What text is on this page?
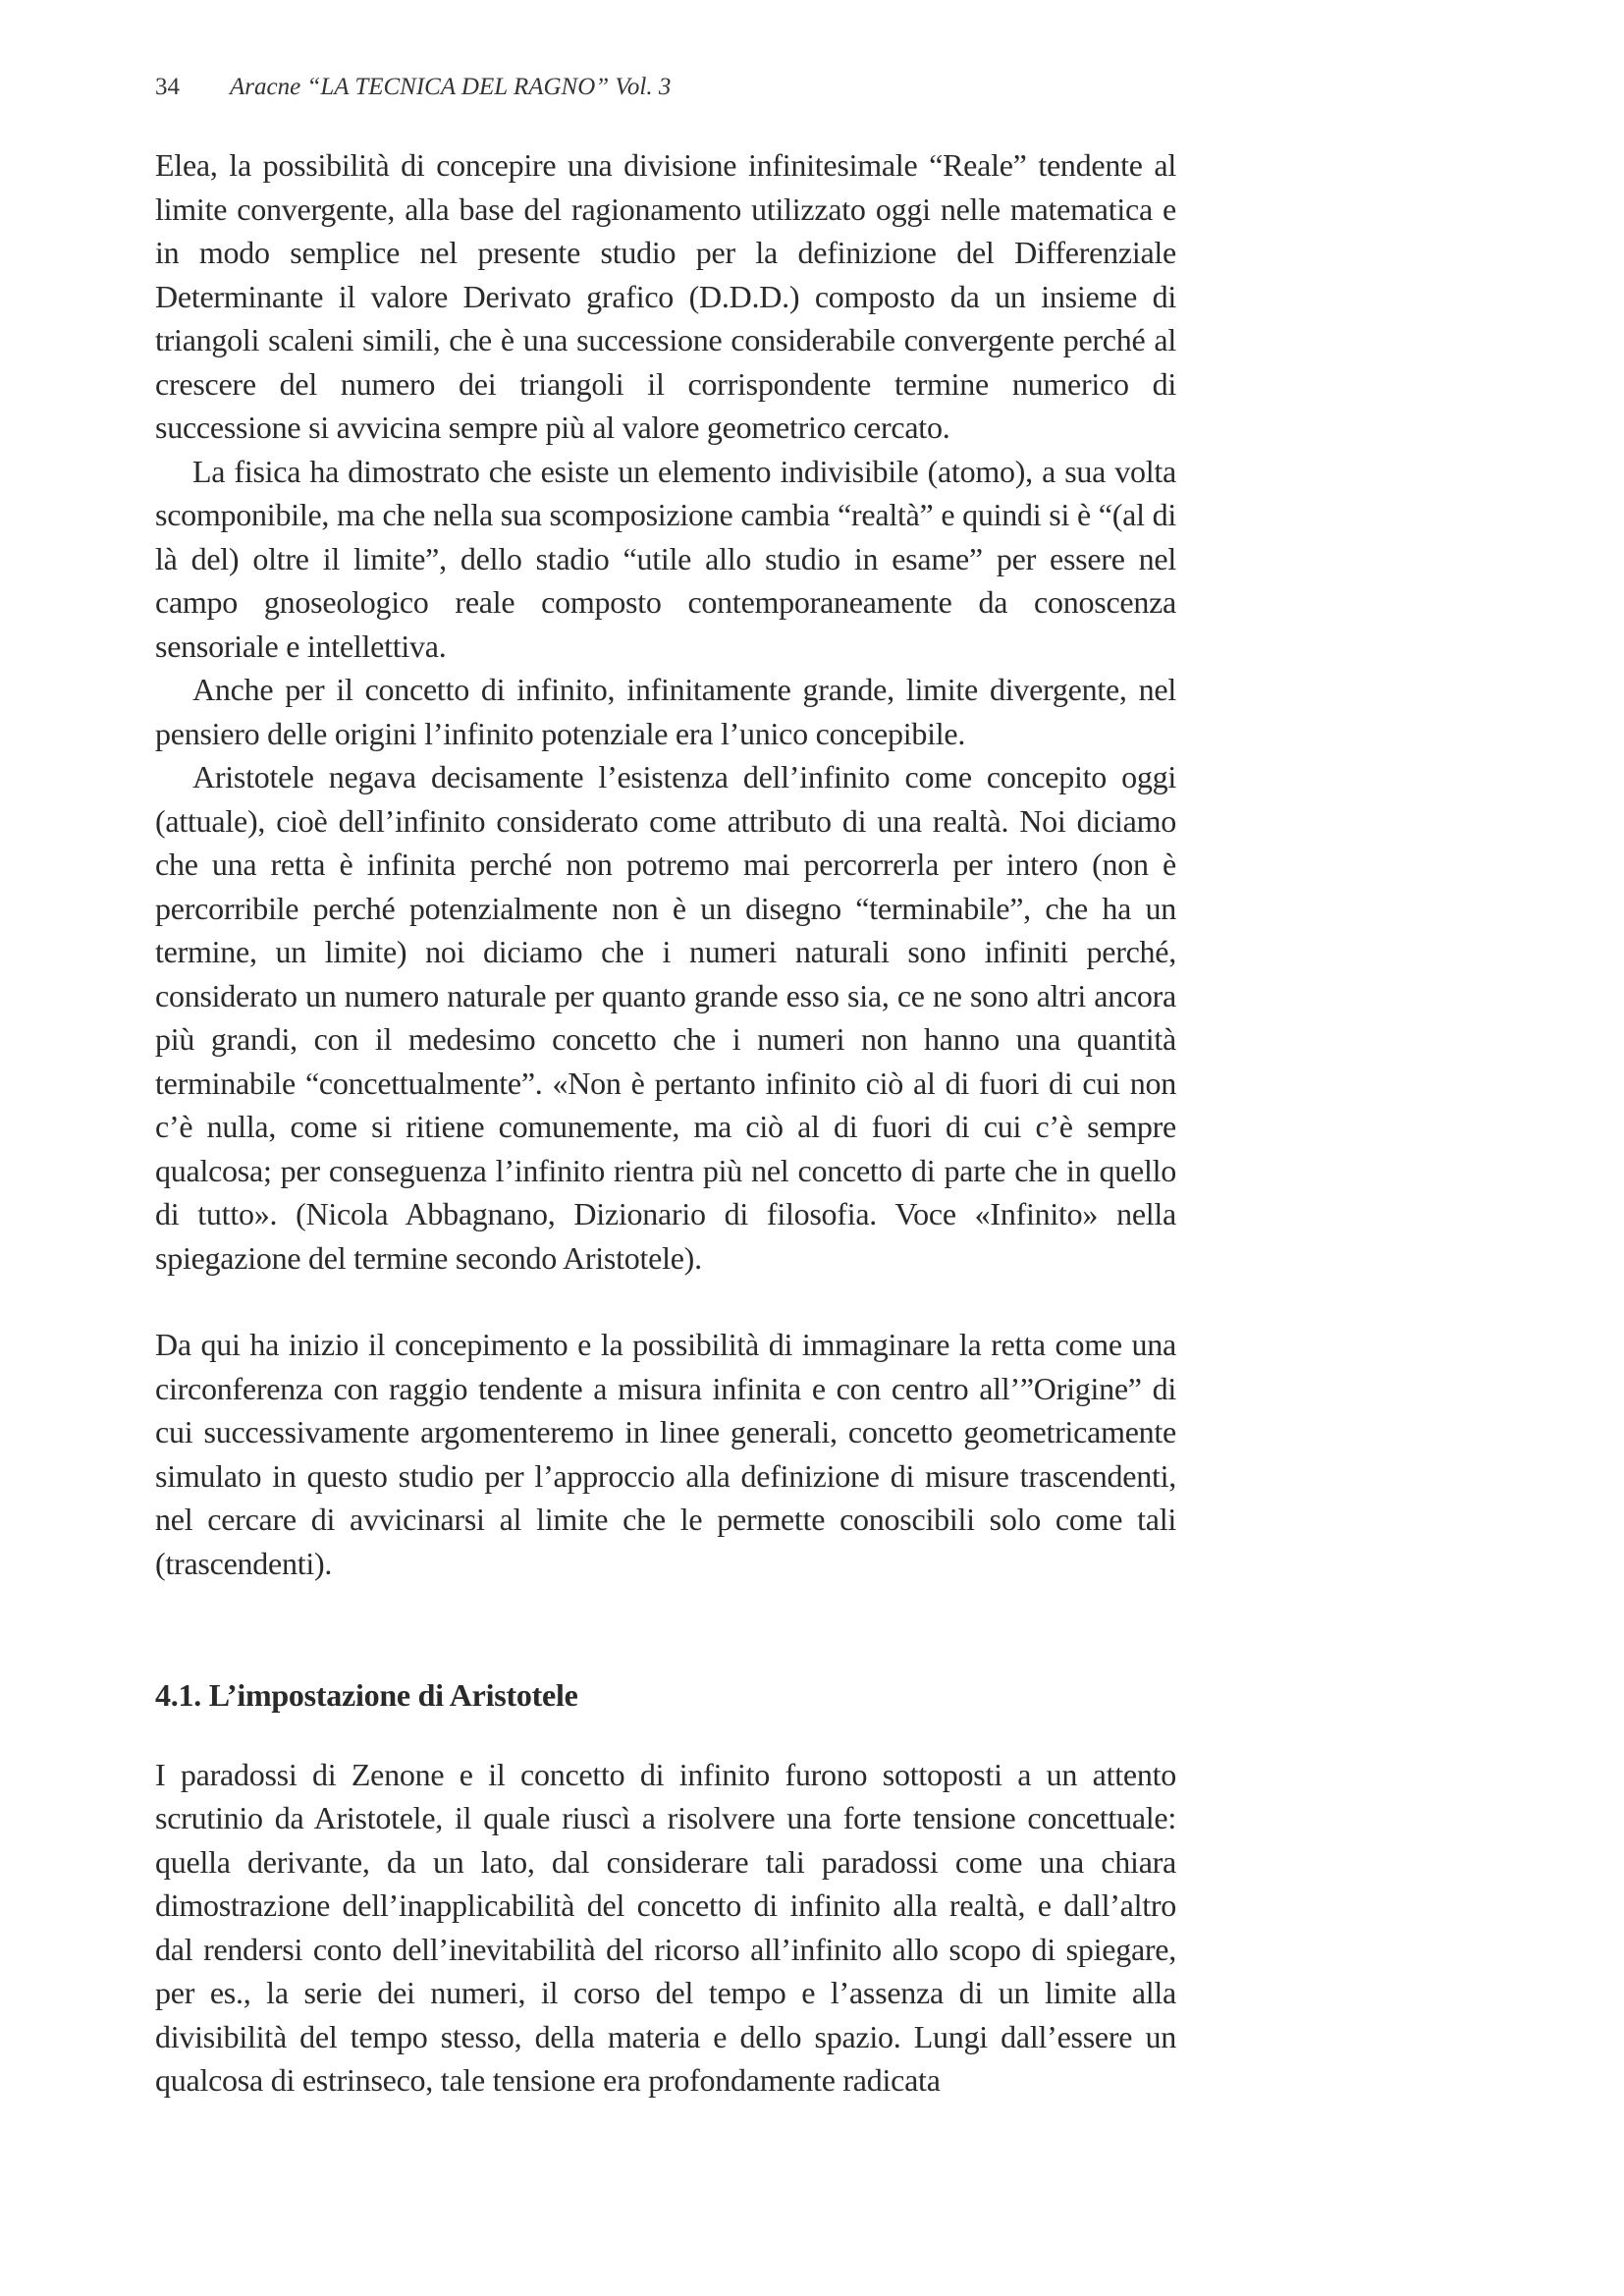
34 Aracne “LA TECNICA DEL RAGNO” Vol. 3

Elea, la possibilità di concepire una divisione infinitesimale “Reale” tendente al limite convergente, alla base del ragionamento utilizzato oggi nelle matematica e in modo semplice nel presente studio per la definizione del Differenziale Determinante il valore Derivato grafico (D.D.D.) composto da un insieme di triangoli scaleni simili, che è una successione considerabile convergente perché al crescere del numero dei triangoli il corrispondente termine numerico di successione si avvicina sempre più al valore geometrico cercato.

La fisica ha dimostrato che esiste un elemento indivisibile (atomo), a sua volta scomponibile, ma che nella sua scomposizione cambia “realtà” e quindi si è “(al di là del) oltre il limite”, dello stadio “utile allo studio in esame” per essere nel campo gnoseologico reale composto contemporaneamente da conoscenza sensoriale e intellettiva.

Anche per il concetto di infinito, infinitamente grande, limite divergente, nel pensiero delle origini l’infinito potenziale era l’unico concepibile.

Aristotele negava decisamente l’esistenza dell’infinito come concepito oggi (attuale), cioè dell’infinito considerato come attributo di una realtà. Noi diciamo che una retta è infinita perché non potremo mai percorrerla per intero (non è percorribile perché potenzialmente non è un disegno “terminabile”, che ha un termine, un limite) noi diciamo che i numeri naturali sono infiniti perché, considerato un numero naturale per quanto grande esso sia, ce ne sono altri ancora più grandi, con il medesimo concetto che i numeri non hanno una quantità terminabile “concettualmente”. «Non è pertanto infinito ciò al di fuori di cui non c’è nulla, come si ritiene comunemente, ma ciò al di fuori di cui c’è sempre qualcosa; per conseguenza l’infinito rientra più nel concetto di parte che in quello di tutto». (Nicola Abbagnano, Dizionario di filosofia. Voce «Infinito» nella spiegazione del termine secondo Aristotele).

Da qui ha inizio il concepimento e la possibilità di immaginare la retta come una circonferenza con raggio tendente a misura infinita e con centro all’”Origine” di cui successivamente argomenteremo in linee generali, concetto geometricamente simulato in questo studio per l’approccio alla definizione di misure trascendenti, nel cercare di avvicinarsi al limite che le permette conoscibili solo come tali (trascendenti).

4.1. L’impostazione di Aristotele

I paradossi di Zenone e il concetto di infinito furono sottoposti a un attento scrutinio da Aristotele, il quale riuscì a risolvere una forte tensione concettuale: quella derivante, da un lato, dal considerare tali paradossi come una chiara dimostrazione dell’inapplicabilità del concetto di infinito alla realtà, e dall’altro dal rendersi conto dell’inevitabilità del ricorso all’infinito allo scopo di spiegare, per es., la serie dei numeri, il corso del tempo e l’assenza di un limite alla divisibilità del tempo stesso, della materia e dello spazio. Lungi dall’essere un qualcosa di estrinseco, tale tensione era profondamente radicata
